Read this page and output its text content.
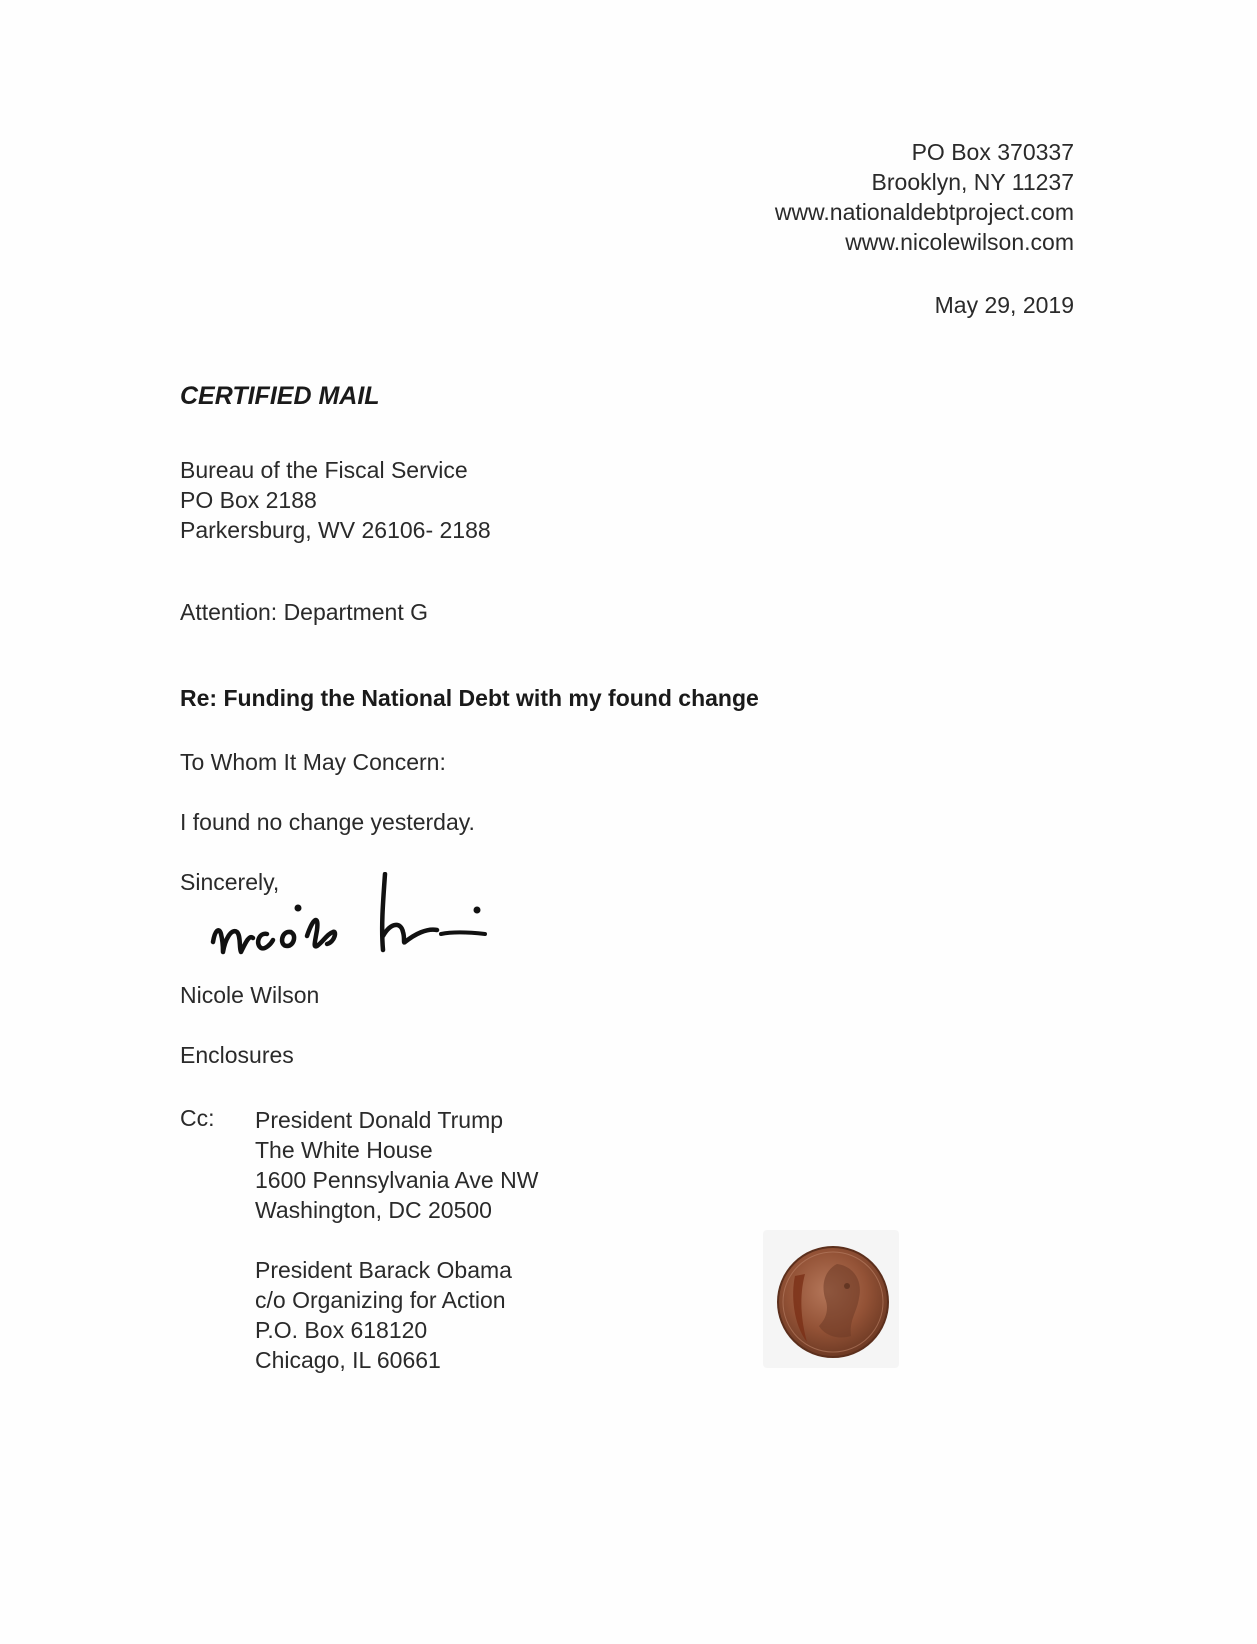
PO Box 370337
Brooklyn, NY 11237
www.nationaldebtproject.com
www.nicolewilson.com
May 29, 2019
CERTIFIED MAIL
Bureau of the Fiscal Service
PO Box 2188
Parkersburg, WV 26106- 2188
Attention: Department G
Re: Funding the National Debt with my found change
To Whom It May Concern:
I found no change yesterday.
Sincerely,
Nicole Wilson
Enclosures
Cc: President Donald Trump
The White House
1600 Pennsylvania Ave NW
Washington, DC 20500
President Barack Obama
c/o Organizing for Action
P.O. Box 618120
Chicago, IL 60661
